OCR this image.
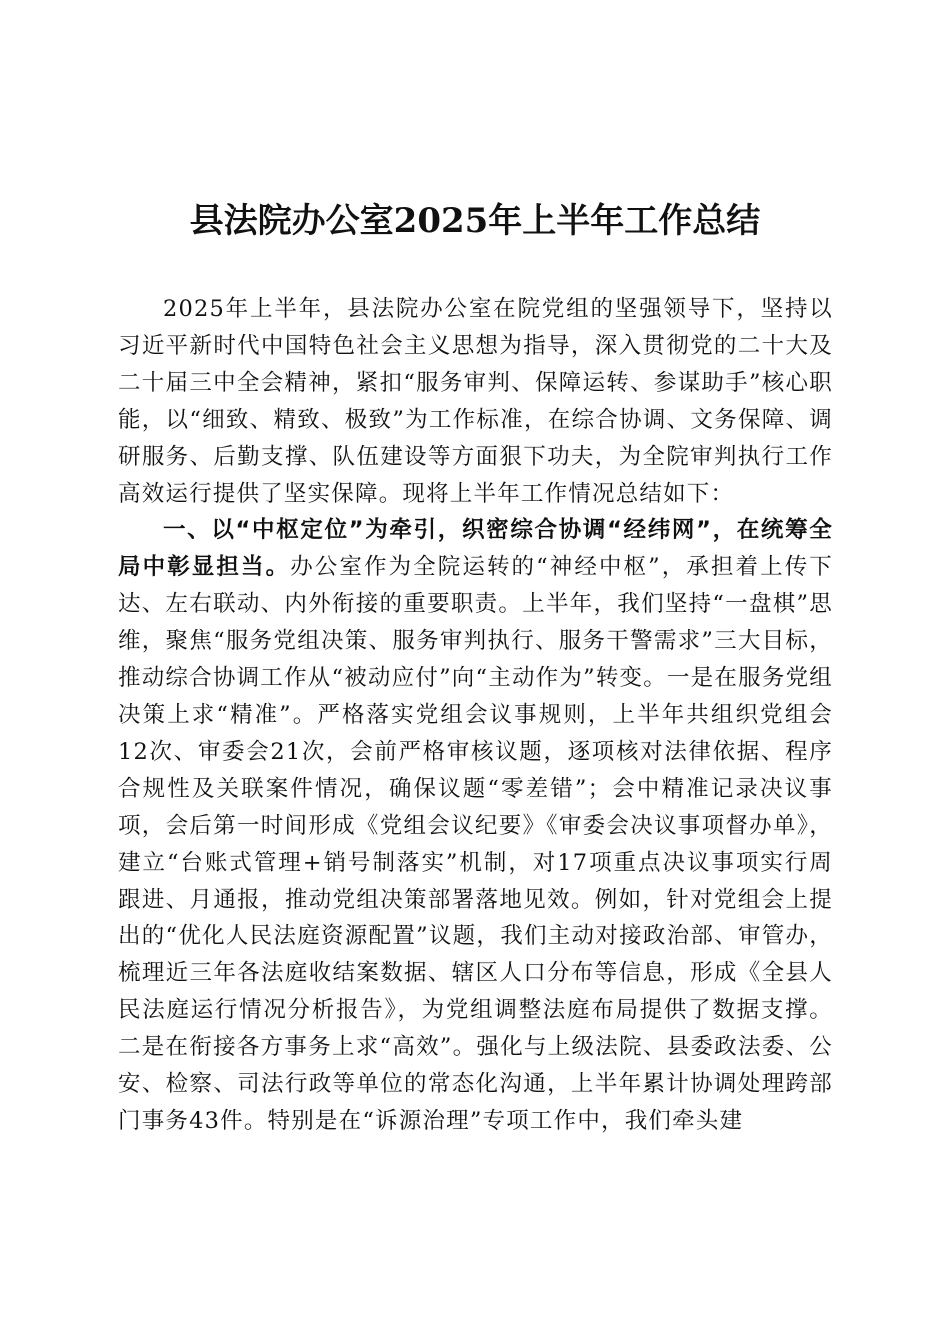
县法院办公室2025年上半年工作总结

2025年上半年，县法院办公室在院党组的坚强领导下，坚持以习近平新时代中国特色社会主义思想为指导，深入贯彻党的二十大及二十届三中全会精神，紧扣“服务审判、保障运转、参谋助手”核心职能，以“细致、精致、极致”为工作标准，在综合协调、文务保障、调研服务、后勤支撑、队伍建设等方面狠下功夫，为全院审判执行工作高效运行提供了坚实保障。现将上半年工作情况总结如下：

一、以“中枢定位”为牵引，织密综合协调“经纬网”，在统筹全局中彰显担当。办公室作为全院运转的“神经中枢”，承担着上传下达、左右联动、内外衔接的重要职责。上半年，我们坚持“一盘棋”思维，聚焦“服务党组决策、服务审判执行、服务干警需求”三大目标，推动综合协调工作从“被动应付”向“主动作为”转变。一是在服务党组决策上求“精准”。严格落实党组会议事规则，上半年共组织党组会12次、审委会21次，会前严格审核议题，逐项核对法律依据、程序合规性及关联案件情况，确保议题“零差错”；会中精准记录决议事项，会后第一时间形成《党组会议纪要》《审委会决议事项督办单》，建立“台账式管理+销号制落实”机制，对17项重点决议事项实行周跟进、月通报，推动党组决策部署落地见效。例如，针对党组会上提出的“优化人民法庭资源配置”议题，我们主动对接政治部、审管办，梳理近三年各法庭收结案数据、辖区人口分布等信息，形成《全县人民法庭运行情况分析报告》，为党组调整法庭布局提供了数据支撑。二是在衔接各方事务上求“高效”。强化与上级法院、县委政法委、公安、检察、司法行政等单位的常态化沟通，上半年累计协调处理跨部门事务43件。特别是在“诉源治理”专项工作中，我们牵头建
